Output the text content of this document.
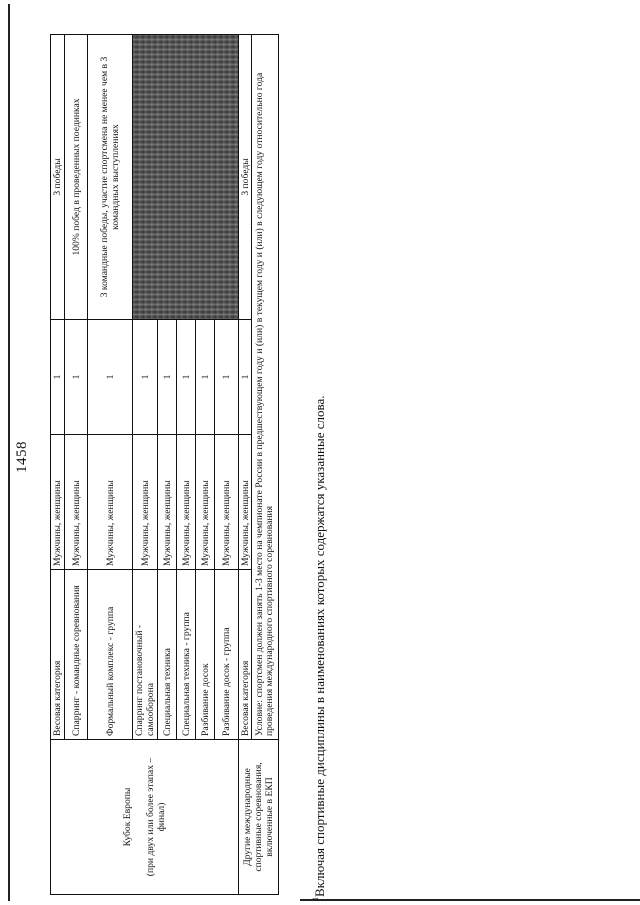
1458
Кубок Европы (при двух или более этапах – финал)	Весовая категория	Мужчины, женщины	1	3 победы
	Спарринг - командные соревнования	Мужчины, женщины	1	100% побед в проведенных поединках
	Формальный комплекс - группа	Мужчины, женщины	1	3 командные победы, участие спортсмена не менее чем в 3 командных выступлениях
	Спарринг постановочный - самооборона	Мужчины, женщины	1	
	Специальная техника	Мужчины, женщины	1	
	Специальная техника - группа	Мужчины, женщины	1	
	Разбивание досок	Мужчины, женщины	1	
	Разбивание досок - группа	Мужчины, женщины	1	

Другие международные спортивные соревнования, включенные в ЕКП	Весовая категория	Мужчины, женщины	1	3 победы
	Условие: спортсмен должен занять 1-3 место на чемпионате России в предшествующем году и (или) в текущем году и (или) в следующем году относительно года проведения международного спортивного соревнования			
$^1$Включая спортивные дисциплины в наименованиях которых содержатся указанные слова.
